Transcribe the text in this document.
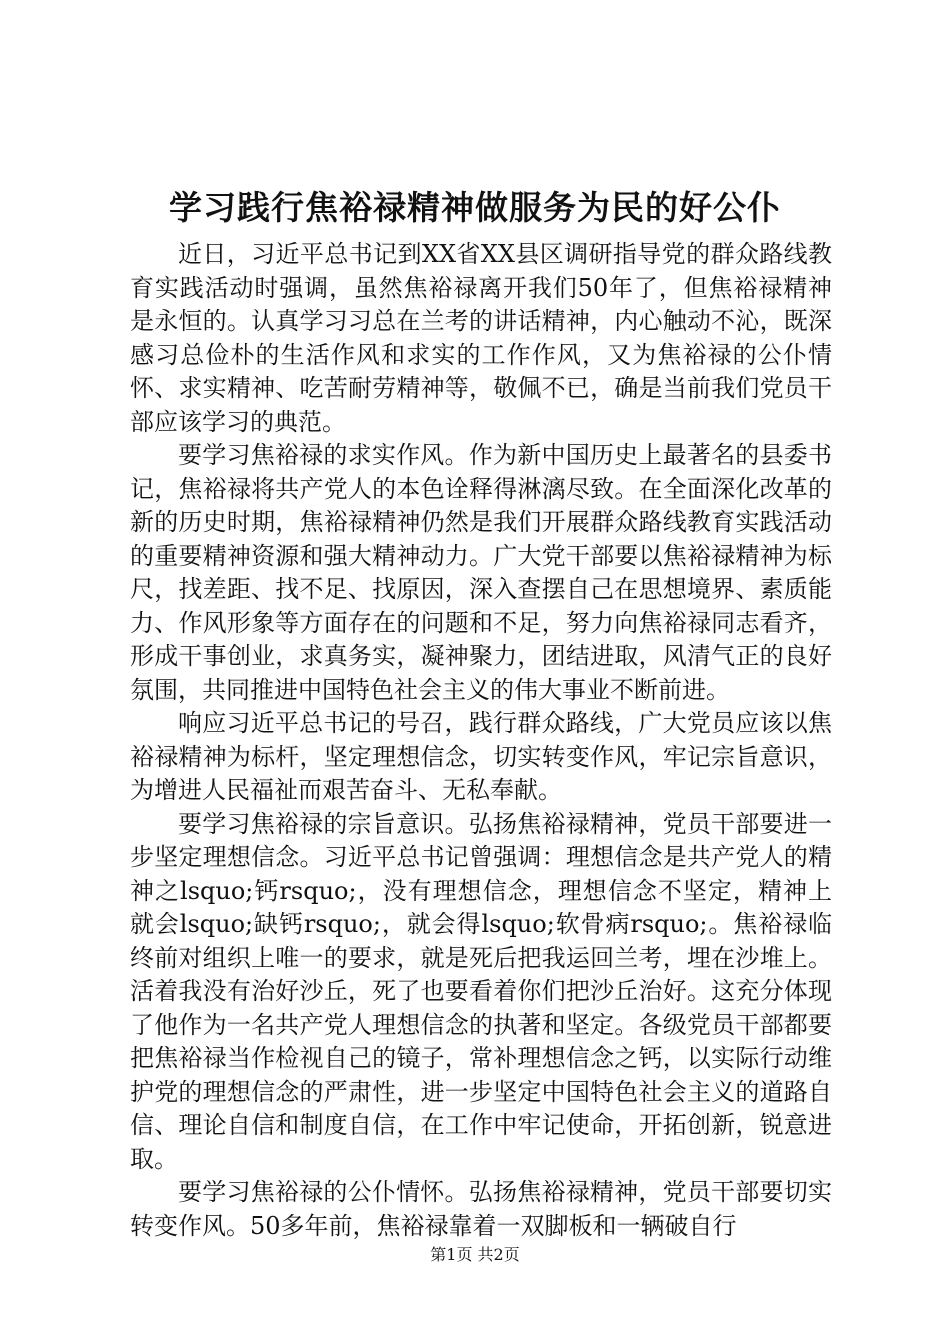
学习践行焦裕禄精神做服务为民的好公仆

近日，习近平总书记到XX省XX县区调研指导党的群众路线教育实践活动时强调，虽然焦裕禄离开我们50年了，但焦裕禄精神是永恒的。认真学习习总在兰考的讲话精神，内心触动不沁，既深感习总俭朴的生活作风和求实的工作作风，又为焦裕禄的公仆情怀、求实精神、吃苦耐劳精神等，敬佩不已，确是当前我们党员干部应该学习的典范。

要学习焦裕禄的求实作风。作为新中国历史上最著名的县委书记，焦裕禄将共产党人的本色诠释得淋漓尽致。在全面深化改革的新的历史时期，焦裕禄精神仍然是我们开展群众路线教育实践活动的重要精神资源和强大精神动力。广大党干部要以焦裕禄精神为标尺，找差距、找不足、找原因，深入查摆自己在思想境界、素质能力、作风形象等方面存在的问题和不足，努力向焦裕禄同志看齐，形成干事创业，求真务实，凝神聚力，团结进取，风清气正的良好氛围，共同推进中国特色社会主义的伟大事业不断前进。

响应习近平总书记的号召，践行群众路线，广大党员应该以焦裕禄精神为标杆，坚定理想信念，切实转变作风，牢记宗旨意识，为增进人民福祉而艰苦奋斗、无私奉献。

要学习焦裕禄的宗旨意识。弘扬焦裕禄精神，党员干部要进一步坚定理想信念。习近平总书记曾强调：理想信念是共产党人的精神之lsquo;钙rsquo;，没有理想信念，理想信念不坚定，精神上就会lsquo;缺钙rsquo;，就会得lsquo;软骨病rsquo;。焦裕禄临终前对组织上唯一的要求，就是死后把我运回兰考，埋在沙堆上。活着我没有治好沙丘，死了也要看着你们把沙丘治好。这充分体现了他作为一名共产党人理想信念的执著和坚定。各级党员干部都要把焦裕禄当作检视自己的镜子，常补理想信念之钙，以实际行动维护党的理想信念的严肃性，进一步坚定中国特色社会主义的道路自信、理论自信和制度自信，在工作中牢记使命，开拓创新，锐意进取。

要学习焦裕禄的公仆情怀。弘扬焦裕禄精神，党员干部要切实转变作风。50多年前，焦裕禄靠着一双脚板和一辆破自行

第1页 共2页
